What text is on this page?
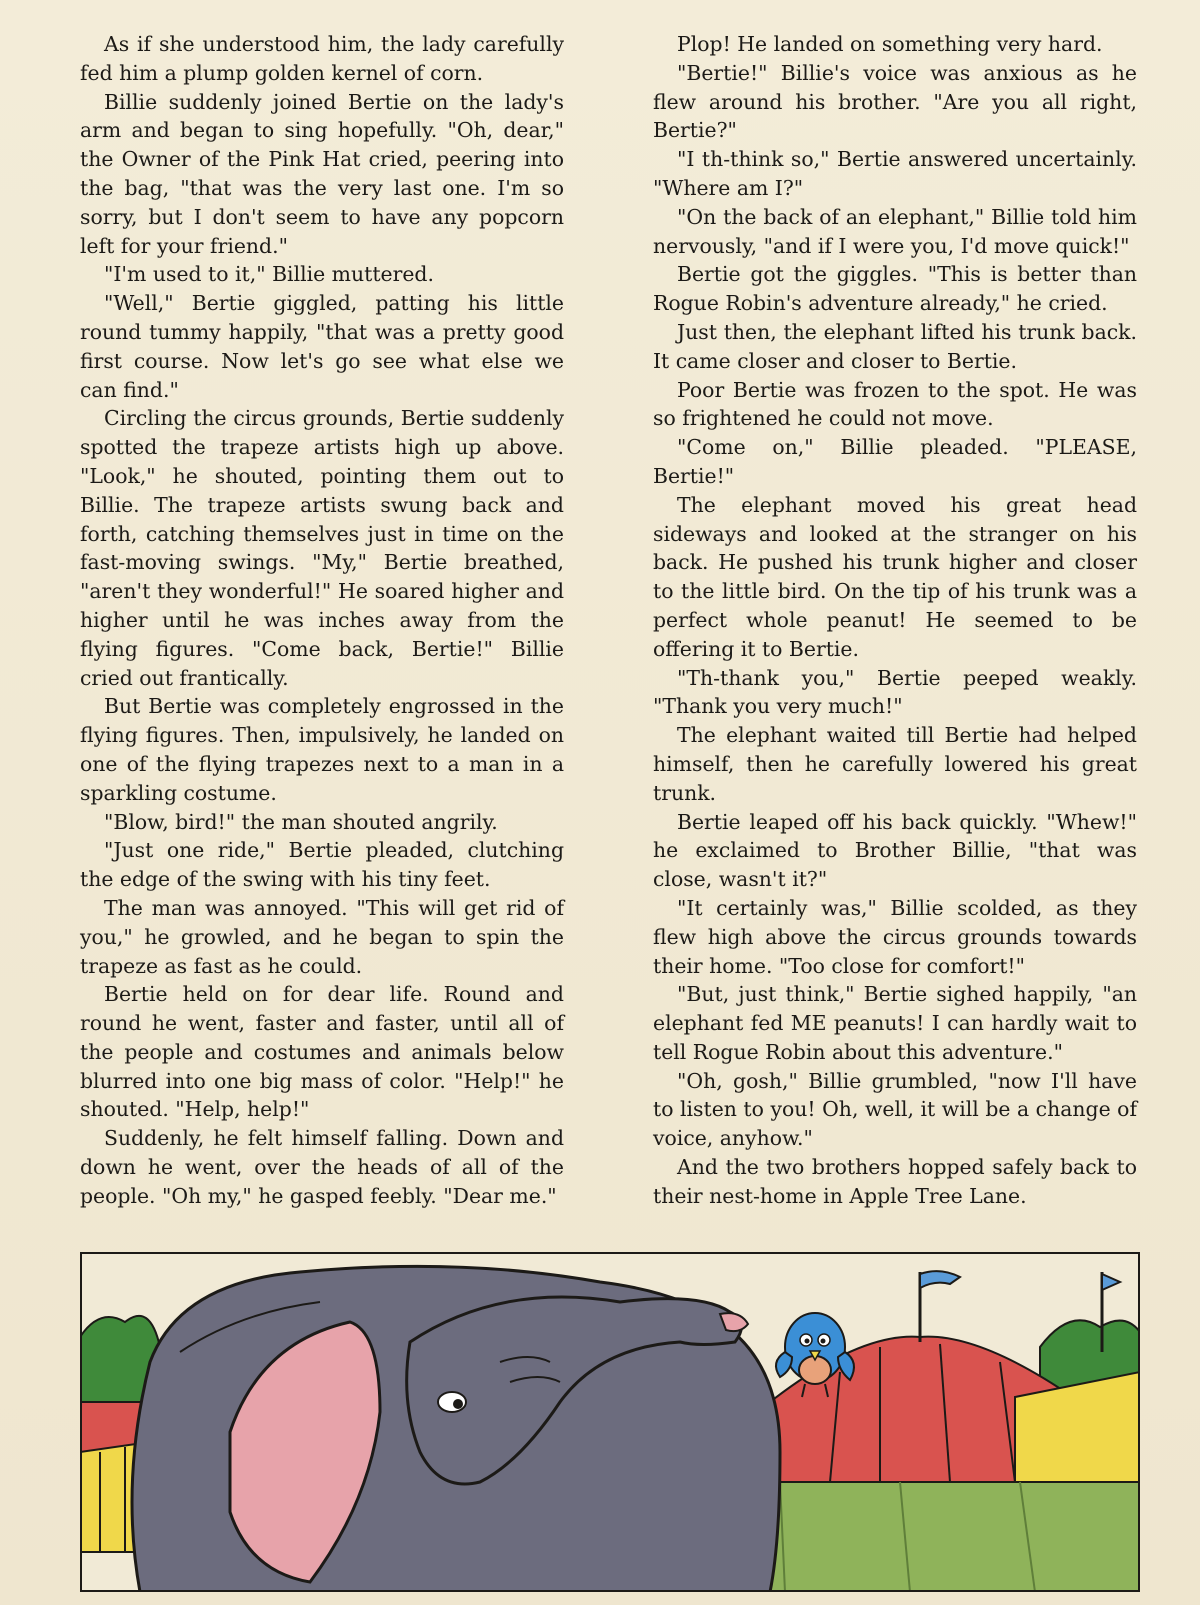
As if she understood him, the lady carefully fed him a plump golden kernel of corn.

Billie suddenly joined Bertie on the lady's arm and began to sing hopefully. "Oh, dear," the Owner of the Pink Hat cried, peering into the bag, "that was the very last one. I'm so sorry, but I don't seem to have any popcorn left for your friend."

"I'm used to it," Billie muttered.

"Well," Bertie giggled, patting his little round tummy happily, "that was a pretty good first course. Now let's go see what else we can find."

Circling the circus grounds, Bertie suddenly spotted the trapeze artists high up above. "Look," he shouted, pointing them out to Billie. The trapeze artists swung back and forth, catching themselves just in time on the fast-moving swings. "My," Bertie breathed, "aren't they wonderful!" He soared higher and higher until he was inches away from the flying figures. "Come back, Bertie!" Billie cried out frantically.

But Bertie was completely engrossed in the flying figures. Then, impulsively, he landed on one of the flying trapezes next to a man in a sparkling costume.

"Blow, bird!" the man shouted angrily.

"Just one ride," Bertie pleaded, clutching the edge of the swing with his tiny feet.

The man was annoyed. "This will get rid of you," he growled, and he began to spin the trapeze as fast as he could.

Bertie held on for dear life. Round and round he went, faster and faster, until all of the people and costumes and animals below blurred into one big mass of color. "Help!" he shouted. "Help, help!"

Suddenly, he felt himself falling. Down and down he went, over the heads of all of the people. "Oh my," he gasped feebly. "Dear me."

Plop! He landed on something very hard.

"Bertie!" Billie's voice was anxious as he flew around his brother. "Are you all right, Bertie?"

"I th-think so," Bertie answered uncertainly. "Where am I?"

"On the back of an elephant," Billie told him nervously, "and if I were you, I'd move quick!"

Bertie got the giggles. "This is better than Rogue Robin's adventure already," he cried.

Just then, the elephant lifted his trunk back. It came closer and closer to Bertie.

Poor Bertie was frozen to the spot. He was so frightened he could not move.

"Come on," Billie pleaded. "PLEASE, Bertie!"

The elephant moved his great head sideways and looked at the stranger on his back. He pushed his trunk higher and closer to the little bird. On the tip of his trunk was a perfect whole peanut! He seemed to be offering it to Bertie.

"Th-thank you," Bertie peeped weakly. "Thank you very much!"

The elephant waited till Bertie had helped himself, then he carefully lowered his great trunk.

Bertie leaped off his back quickly. "Whew!" he exclaimed to Brother Billie, "that was close, wasn't it?"

"It certainly was," Billie scolded, as they flew high above the circus grounds towards their home. "Too close for comfort!"

"But, just think," Bertie sighed happily, "an elephant fed ME peanuts! I can hardly wait to tell Rogue Robin about this adventure."

"Oh, gosh," Billie grumbled, "now I'll have to listen to you! Oh, well, it will be a change of voice, anyhow."

And the two brothers hopped safely back to their nest-home in Apple Tree Lane.
